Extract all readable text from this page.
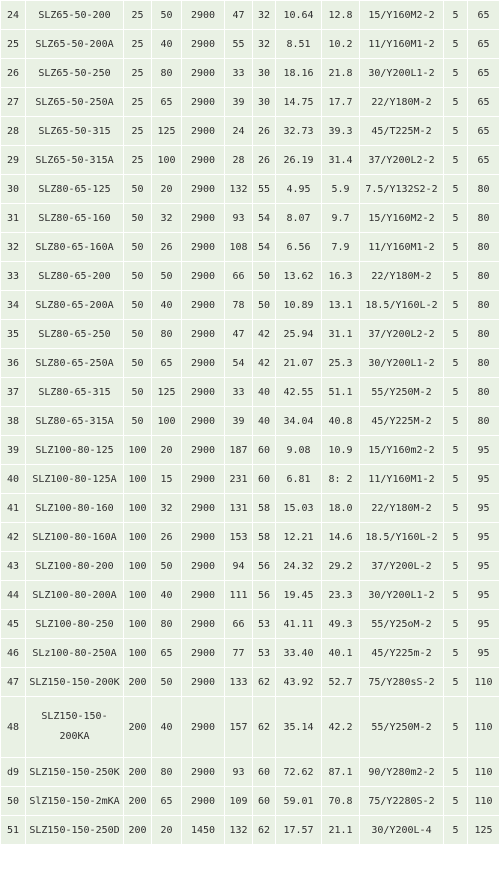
24	SLZ65-50-200	25	50	2900	47	32	10.64	12.8	15/Y160M2-2	5	65
25	SLZ65-50-200A	25	40	2900	55	32	8.51	10.2	11/Y160M1-2	5	65
26	SLZ65-50-250	25	80	2900	33	30	18.16	21.8	30/Y200L1-2	5	65
27	SLZ65-50-250A	25	65	2900	39	30	14.75	17.7	22/Y180M-2	5	65
28	SLZ65-50-315	25	125	2900	24	26	32.73	39.3	45/T225M-2	5	65
29	SLZ65-50-315A	25	100	2900	28	26	26.19	31.4	37/Y200L2-2	5	65
30	SLZ80-65-125	50	20	2900	132	55	4.95	5.9	7.5/Y132S2-2	5	80
31	SLZ80-65-160	50	32	2900	93	54	8.07	9.7	15/Y160M2-2	5	80
32	SLZ80-65-160A	50	26	2900	108	54	6.56	7.9	11/Y160M1-2	5	80
33	SLZ80-65-200	50	50	2900	66	50	13.62	16.3	22/Y180M-2	5	80
34	SLZ80-65-200A	50	40	2900	78	50	10.89	13.1	18.5/Y160L-2	5	80
35	SLZ80-65-250	50	80	2900	47	42	25.94	31.1	37/Y200L2-2	5	80
36	SLZ80-65-250A	50	65	2900	54	42	21.07	25.3	30/Y200L1-2	5	80
37	SLZ80-65-315	50	125	2900	33	40	42.55	51.1	55/Y250M-2	5	80
38	SLZ80-65-315A	50	100	2900	39	40	34.04	40.8	45/Y225M-2	5	80
39	SLZ100-80-125	100	20	2900	187	60	9.08	10.9	15/Y160m2-2	5	95
40	SLZ100-80-125A	100	15	2900	231	60	6.81	8: 2	11/Y160M1-2	5	95
41	SLZ100-80-160	100	32	2900	131	58	15.03	18.0	22/Y180M-2	5	95
42	SLZ100-80-160A	100	26	2900	153	58	12.21	14.6	18.5/Y160L-2	5	95
43	SLZ100-80-200	100	50	2900	94	56	24.32	29.2	37/Y200L-2	5	95
44	SLZ100-80-200A	100	40	2900	111	56	19.45	23.3	30/Y200L1-2	5	95
45	SLZ100-80-250	100	80	2900	66	53	41.11	49.3	55/Y25oM-2	5	95
46	SLz100-80-250A	100	65	2900	77	53	33.40	40.1	45/Y225m-2	5	95
47	SLZ150-150-200K	200	50	2900	133	62	43.92	52.7	75/Y280sS-2	5	110
48	SLZ150-150-200KA	200	40	2900	157	62	35.14	42.2	55/Y250M-2	5	110
d9	SLZ150-150-250K	200	80	2900	93	60	72.62	87.1	90/Y280m2-2	5	110
50	SlZ150-150-2mKA	200	65	2900	109	60	59.01	70.8	75/Y2280S-2	5	110
51	SLZ150-150-250D	200	20	1450	132	62	17.57	21.1	30/Y200L-4	5	125
